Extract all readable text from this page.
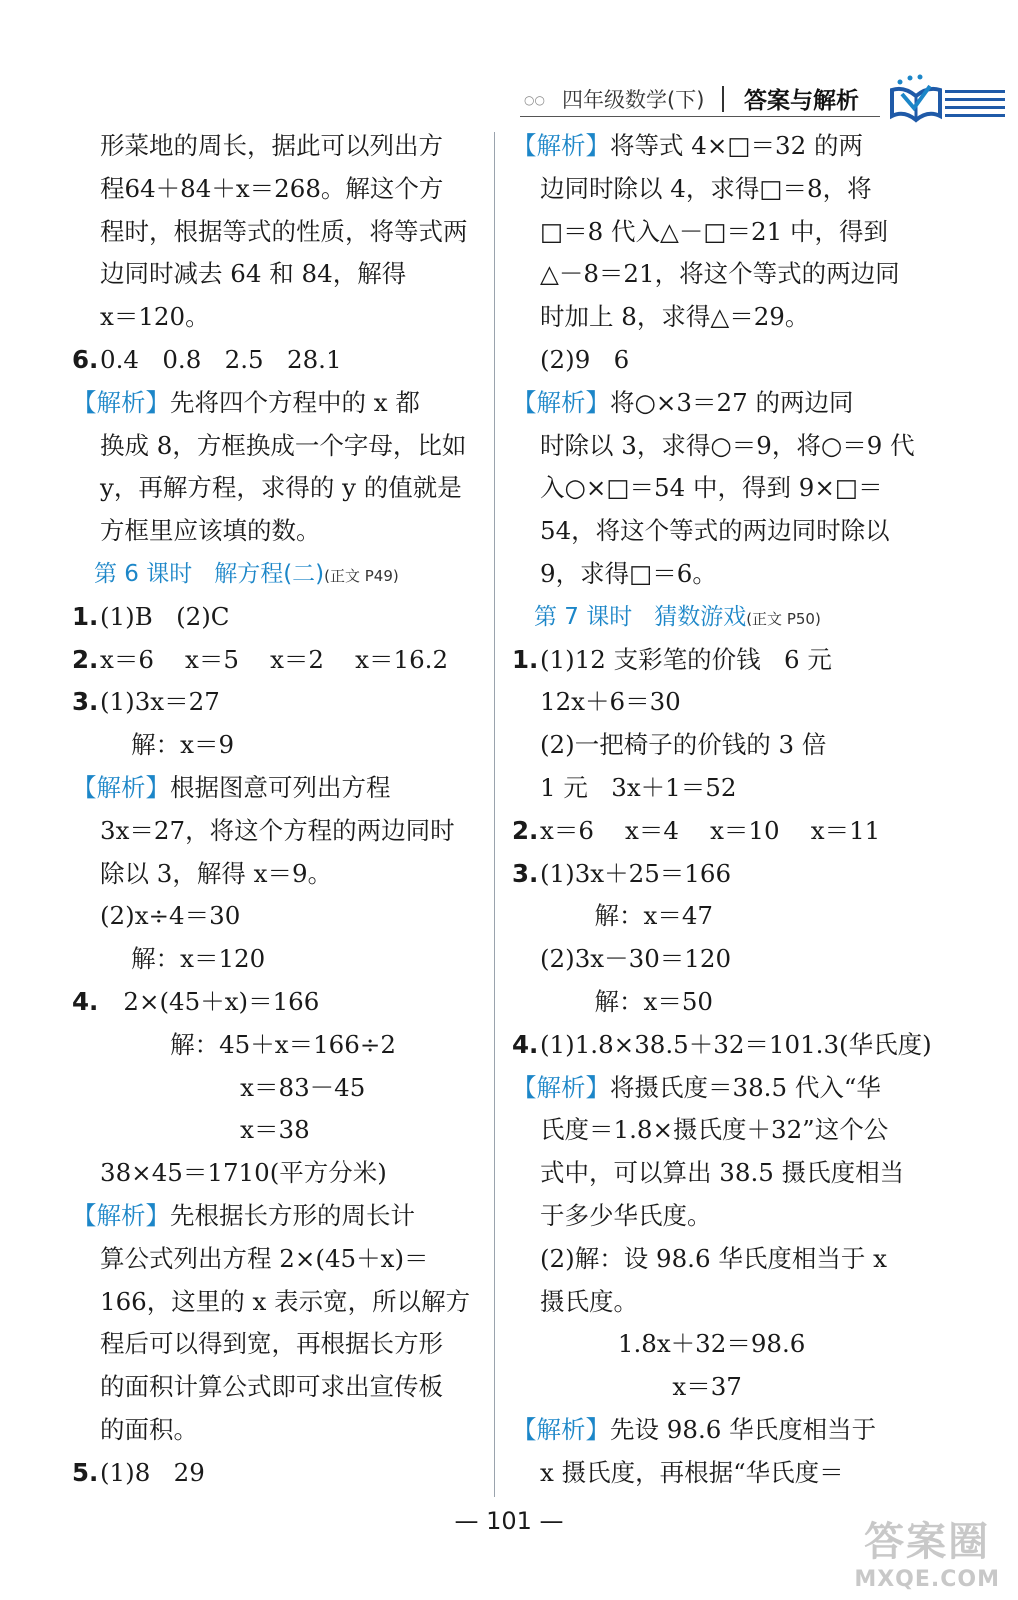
○○ 四年级数学(下) 答案与解析
形菜地的周长，据此可以列出方
程64＋84＋x＝268。解这个方
程时，根据等式的性质，将等式两
边同时减去 64 和 84，解得
x＝120。
6.0.4   0.8   2.5   28.1
【解析】先将四个方程中的 x 都
换成 8，方框换成一个字母，比如
y，再解方程，求得的 y 的值就是
方框里应该填的数。
第 6 课时   解方程(二)(正文 P49)
1.(1)B   (2)C
2.x＝6    x＝5    x＝2    x＝16.2
3.(1)3x＝27
解：x＝9
【解析】根据图意可列出方程
3x＝27，将这个方程的两边同时
除以 3，解得 x＝9。
(2)x÷4＝30
解：x＝120
4.   2×(45＋x)＝166
解：45＋x＝166÷2
x＝83－45
x＝38
38×45＝1710(平方分米)
【解析】先根据长方形的周长计
算公式列出方程 2×(45＋x)＝
166，这里的 x 表示宽，所以解方
程后可以得到宽，再根据长方形
的面积计算公式即可求出宣传板
的面积。
5.(1)8   29
【解析】将等式 4×□＝32 的两
边同时除以 4，求得□＝8，将
□＝8 代入△－□＝21 中，得到
△－8＝21，将这个等式的两边同
时加上 8，求得△＝29。
(2)9   6
【解析】将○×3＝27 的两边同
时除以 3，求得○＝9，将○＝9 代
入○×□＝54 中，得到 9×□＝
54，将这个等式的两边同时除以
9，求得□＝6。
第 7 课时   猜数游戏(正文 P50)
1.(1)12 支彩笔的价钱   6 元
12x＋6＝30
(2)一把椅子的价钱的 3 倍
1 元   3x＋1＝52
2.x＝6    x＝4    x＝10    x＝11
3.(1)3x＋25＝166
解：x＝47
(2)3x－30＝120
解：x＝50
4.(1)1.8×38.5＋32＝101.3(华氏度)
【解析】将摄氏度＝38.5 代入“华
氏度＝1.8×摄氏度＋32”这个公
式中，可以算出 38.5 摄氏度相当
于多少华氏度。
(2)解：设 98.6 华氏度相当于 x
摄氏度。
1.8x＋32＝98.6
x＝37
【解析】先设 98.6 华氏度相当于
x 摄氏度，再根据“华氏度＝
— 101 —	答案圈
MXQE.COM
